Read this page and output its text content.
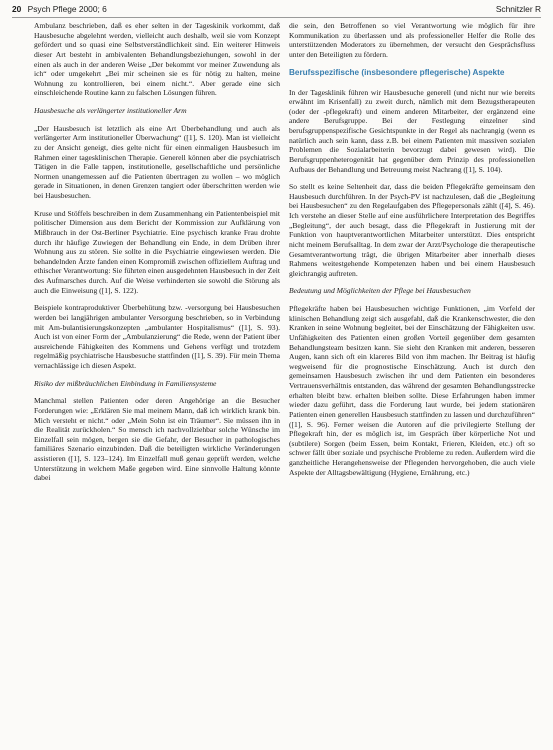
20 Psych Pflege 2000; 6	Schnitzler R

Ambulanz beschrieben, daß es eher selten in der Tageskinik vorkommt, daß Hausbesuche abgelehnt werden, vielleicht auch deshalb, weil sie vom Konzept gefördert und so quasi eine Selbstverständlichkeit sind. Ein weiterer Hinweis dieser Art besteht in ambivalenten Behandlungsbeziehungen, sowohl in der einen als auch in der anderen Weise „Der bekommt vor meiner Zuwendung als ich“ oder umgekehrt „Bei mir scheinen sie es für nötig zu halten, meine Wohnung zu kontrollieren, bei einem nicht.“. Aber gerade eine sich einschleichende Routine kann zu falschen Lösungen führen.

Hausbesuche als verlängerter institutioneller Arm

„Der Hausbesuch ist letztlich als eine Art Überbehandlung und auch als verlängerter Arm institutioneller Überwachung“ ([1], S. 120). Man ist vielleicht zu der Ansicht geneigt, dies gelte nicht für einen einmaligen Hausbesuch im Rahmen einer tagesklinischen Therapie. Generell können aber die psychiatrisch Tätigen in die Falle tappen, institutionelle, gesellschaftliche und persönliche Normen unangemessen auf die Patienten übertragen zu wollen – wo möglich gerade in Situationen, in denen Grenzen tangiert oder überschritten werden wie bei Hausbesuchen.

Kruse und Stöffels beschreiben in dem Zusammenhang ein Patientenbeispiel mit politischer Dimension aus dem Bericht der Kommission zur Aufklärung von Mißbrauch in der Ost-Berliner Psychiatrie. Eine psychisch kranke Frau drohte durch ihr häufige Zuwiegen der Behandlung ein Ende, in dem Drüben ihrer Wohnung aus zu stören. Sie sollte in die Psychiatrie eingewiesen werden. Die behandelnden Ärzte fanden einen Kompromiß zwischen offiziellem Auftrag und ethischer Verantwortung: Sie führten einen ausgedehnten Hausbesuch in der Zeit des Aufmarsches durch. Auf die Weise verhinderten sie sowohl die Störung als auch die Einweisung ([1], S. 122).

Beispiele kontraproduktiver Überbehütung bzw. -versorgung bei Hausbesuchen werden bei langjährigen ambulanter Versorgung beschrieben, so in Verbindung mit Am-bulantisierungskonzepten „ambulanter Hospitalismus“ ([1], S. 93). Auch ist von einer Form der „Ambulanzierung“ die Rede, wenn der Patient über ausreichende Fähigkeiten des Kommens und Gehens verfügt und trotzdem regelmäßig psychiatrische Hausbesuche stattfinden ([1], S. 39). Für mein Thema vernachlässige ich diesen Aspekt.

Risiko der mißbräuchlichen Einbindung in Familiensysteme

Manchmal stellen Patienten oder deren Angehörige an die Besucher Forderungen wie: „Erklären Sie mal meinem Mann, daß ich wirklich krank bin. Mich versteht er nicht.“ oder „Mein Sohn ist ein Träumer“. Sie müssen ihn in die Realität zurückholen.“ So mensch ich nachvollziehbar solche Wünsche im Einzelfall sein mögen, bergen sie die Gefahr, der Besucher in pathologisches familiäres Szenario einzubinden. Daß die beteiligten wirkliche Veränderungen assistieren ([1], S. 123–124). Im Einzelfall muß genau geprüft werden, welche Unterstützung in welchem Maße gegeben wird. Eine sinnvolle Haltung könnte dabei

die sein, den Betroffenen so viel Verantwortung wie möglich für ihre Kommunikation zu überlassen und als professioneller Helfer die Rolle des unterstützenden Moderators zu übernehmen, der versucht den Gesprächsfluss unter den Beteiligten zu fördern.

Berufsspezifische (insbesondere pflegerische) Aspekte

In der Tagesklinik führen wir Hausbesuche generell (und nicht nur wie bereits erwähnt im Krisenfall) zu zweit durch, nämlich mit dem Bezugstherapeuten (oder der -pflegekraft) und einem anderen Mitarbeiter, der ergänzend eine andere Berufsgruppe. Bei der Festlegung einzelner sind berufsgruppenspezifische Gesichtspunkte in der Regel als nachrangig (wenn es natürlich auch sein kann, dass z.B. bei einem Patienten mit massiven sozialen Problemen die Sozialarbeiterin bevorzugt dabei gewesen wird). Die Berufsgruppenheterogenität hat gegenüber dem Prinzip des professionellen Aufbaus der Behandlung und Betreuung meist Nachrang ([1], S. 104).

So stellt es keine Seltenheit dar, dass die beiden Pflegekräfte gemeinsam den Hausbesuch durchführen. In der Psych-PV ist nachzulesen, daß die „Begleitung bei Hausbesuchen“ zu den Regelaufgaben des Pflegepersonals zählt ([4], S. 46). Ich verstehe an dieser Stelle auf eine ausführlichere Interpretation des Begriffes „Begleitung“, der auch besagt, dass die Pflegekraft in Justierung mit der Funktion von hauptverantwortlichen Mitarbeiter unterstützt. Dies entspricht nicht meinem Berufsalltag. In dem zwar der Arzt/Psychologe die therapeutische Gesamtverantwortung trägt, die übrigen Mitarbeiter aber innerhalb dieses Rahmens weitestgehende Kompetenzen haben und bei einem Hausbesuch gleichrangig auftreten.

Bedeutung und Möglichkeiten der Pflege bei Hausbesuchen

Pflegekräfte haben bei Hausbesuchen wichtige Funktionen, „im Vorfeld der klinischen Behandlung zeigt sich ausgefahl, daß die Krankenschwester, die den Kranken in seine Wohnung begleitet, bei der Einschätzung der Fähigkeiten usw. Unfähigkeiten des Patienten einen großen Vorteil gegenüber dem gesamten Behandlungsteam besitzen kann. Sie sieht den Kranken mit anderen, besseren Augen, kann sich oft ein klareres Bild von ihm machen. Ihr Beitrag ist häufig wegweisend für die prognostische Einschätzung. Auch ist durch den gemeinsamen Hausbesuch zwischen ihr und dem Patienten ein besonderes Vertrauensverhältnis entstanden, das während der gesamten Behandlungsstrecke erhalten bleibt bzw. erhalten bleiben sollte. Diese Erfahrungen haben immer wieder dazu geführt, dass die Forderung laut wurde, bei jedem stationären Patienten einen generellen Hausbesuch stattfinden zu lassen und durchzuführen“ ([1], S. 96). Ferner weisen die Autoren auf die privilegierte Stellung der Pflegekraft hin, der es möglich ist, im Gespräch über körperliche Not und (subtilere) Sorgen (beim Essen, beim Kontakt, Frieren, Kleiden, etc.) oft so schwer fällt über soziale und psychische Probleme zu reden. Außerdem wird die ganzheitliche Herangehensweise der Pflegenden hervorgehoben, die auch viele Aspekte der Alltagsbewältigung (Hygiene, Ernährung, etc.)
